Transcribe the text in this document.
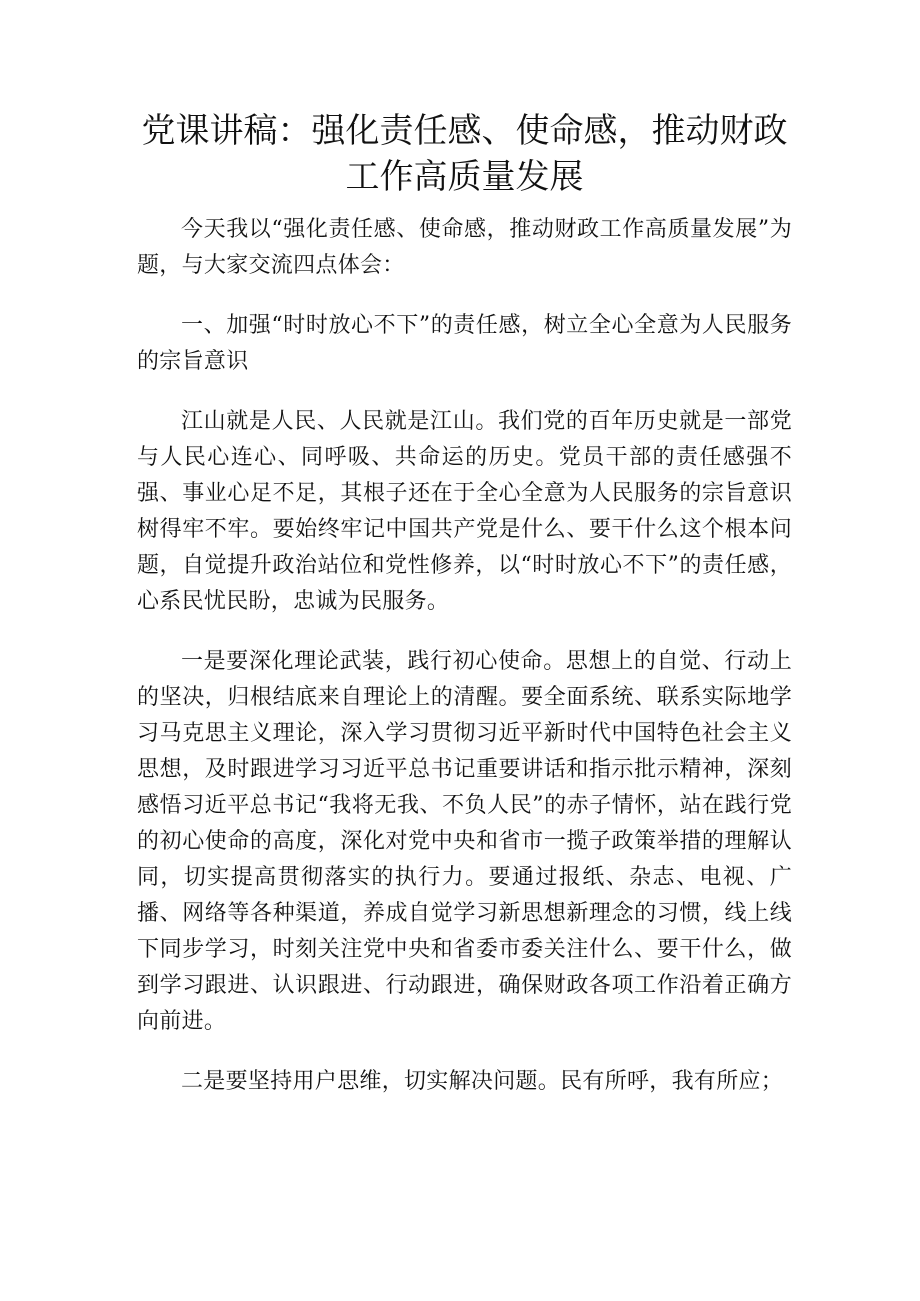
党课讲稿：强化责任感、使命感，推动财政工作高质量发展

今天我以“强化责任感、使命感，推动财政工作高质量发展”为题，与大家交流四点体会：

一、加强“时时放心不下”的责任感，树立全心全意为人民服务的宗旨意识

江山就是人民、人民就是江山。我们党的百年历史就是一部党与人民心连心、同呼吸、共命运的历史。党员干部的责任感强不强、事业心足不足，其根子还在于全心全意为人民服务的宗旨意识树得牢不牢。要始终牢记中国共产党是什么、要干什么这个根本问题，自觉提升政治站位和党性修养，以“时时放心不下”的责任感，心系民忧民盼，忠诚为民服务。

一是要深化理论武装，践行初心使命。思想上的自觉、行动上的坚决，归根结底来自理论上的清醒。要全面系统、联系实际地学习马克思主义理论，深入学习贯彻习近平新时代中国特色社会主义思想，及时跟进学习习近平总书记重要讲话和指示批示精神，深刻感悟习近平总书记“我将无我、不负人民”的赤子情怀，站在践行党的初心使命的高度，深化对党中央和省市一揽子政策举措的理解认同，切实提高贯彻落实的执行力。要通过报纸、杂志、电视、广播、网络等各种渠道，养成自觉学习新思想新理念的习惯，线上线下同步学习，时刻关注党中央和省委市委关注什么、要干什么，做到学习跟进、认识跟进、行动跟进，确保财政各项工作沿着正确方向前进。

二是要坚持用户思维，切实解决问题。民有所呼，我有所应；
